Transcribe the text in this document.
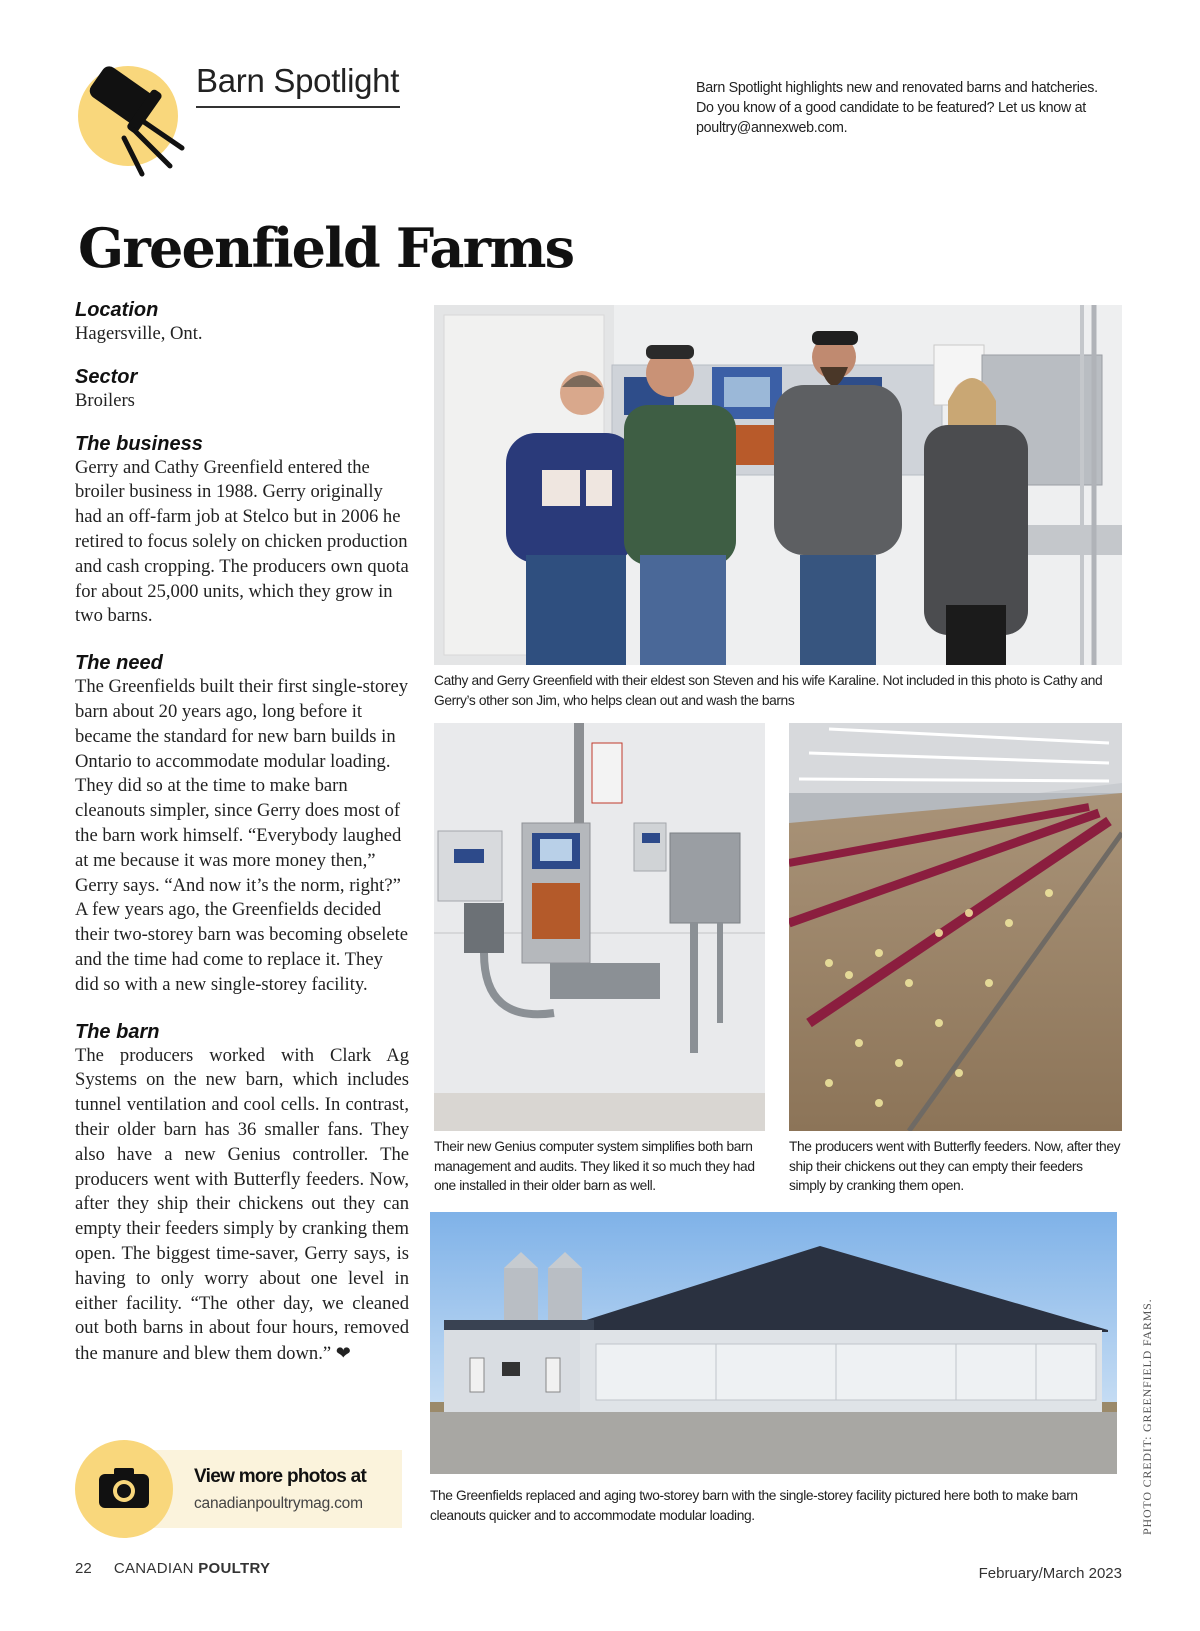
Barn Spotlight	Barn Spotlight highlights new and renovated barns and hatcheries.
Do you know of a good candidate to be featured? Let us know at
poultry@annexweb.com.
Greenfield Farms

Location

Hagersville, Ont.

Sector

Broilers

The business

Gerry and Cathy Greenfield entered the broiler business in 1988. Gerry originally had an off-farm job at Stelco but in 2006 he retired to focus solely on chicken production and cash cropping. The producers own quota for about 25,000 units, which they grow in two barns.

The need

The Greenfields built their first single-storey barn about 20 years ago, long before it became the standard for new barn builds in Ontario to accommodate modular loading. They did so at the time to make barn cleanouts simpler, since Gerry does most of the barn work himself. “Everybody laughed at me because it was more money then,” Gerry says. “And now it’s the norm, right?” A few years ago, the Greenfields decided their two-storey barn was becoming obselete and the time had come to replace it. They did so with a new single-storey facility.

The barn

The producers worked with Clark Ag Systems on the new barn, which includes tunnel ventilation and cool cells. In contrast, their older barn has 36 smaller fans. They also have a new Genius controller. The producers went with Butterfly feeders. Now, after they ship their chickens out they can empty their feeders simply by cranking them open. The biggest time-saver, Gerry says, is having to only worry about one level in either facility. “The other day, we cleaned out both barns in about four hours, removed the manure and blew them down.” ❤

Cathy and Gerry Greenfield with their eldest son Steven and his wife Karaline. Not included in this photo is Cathy and Gerry’s other son Jim, who helps clean out and wash the barns
Their new Genius computer system simplifies both barn management and audits. They liked it so much they had one installed in their older barn as well.
The producers went with Butterfly feeders. Now, after they ship their chickens out they can empty their feeders simply by cranking them open.
The Greenfields replaced and aging two-storey barn with the single-storey facility pictured here both to make barn cleanouts quicker and to accommodate modular loading.
View more photos at
canadianpoultrymag.com	PHOTO CREDIT: GREENFIELD FARMS.
22 CANADIAN POULTRY	February/March 2023
